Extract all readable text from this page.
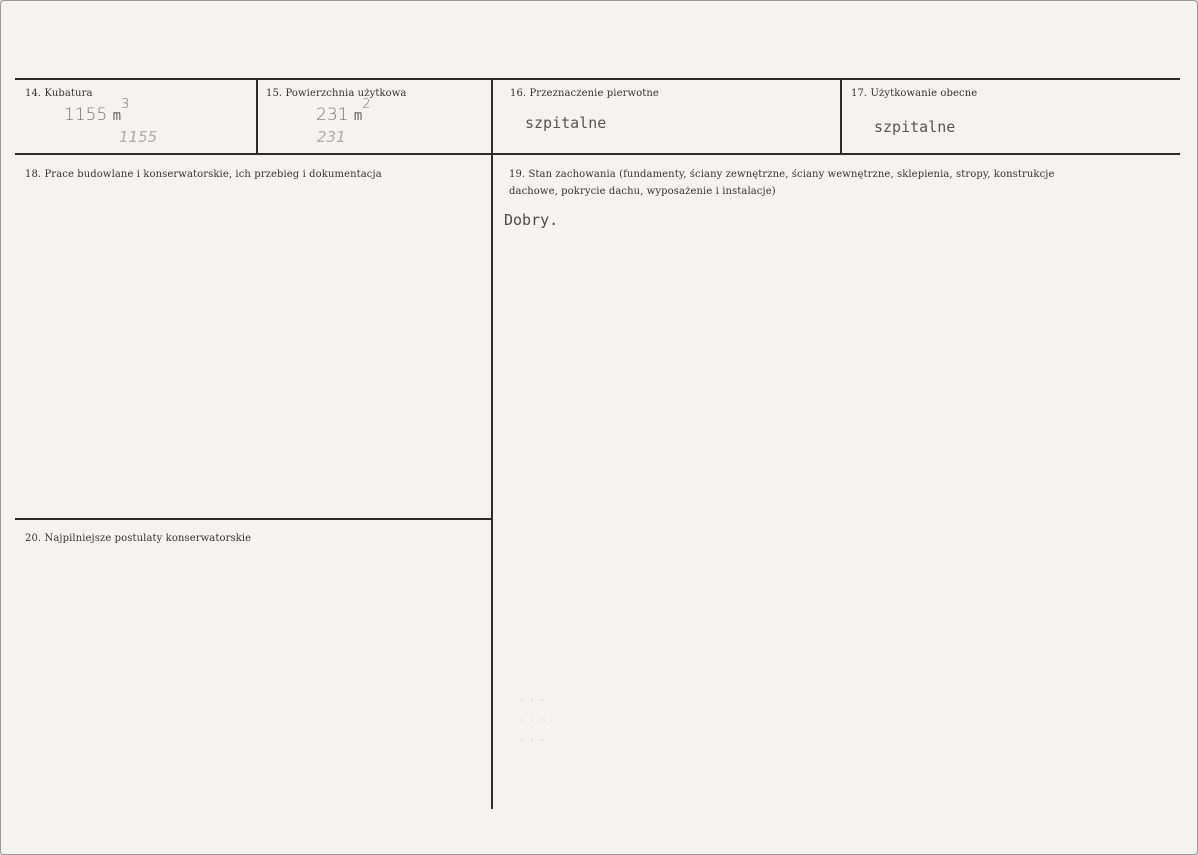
14. Kubatura
1155 $m^3$
1155
15. Powierzchnia użytkowa
231 $m^2$
231
16. Przeznaczenie pierwotne
szpitalne
17. Użytkowanie obecne
szpitalne
18. Prace budowlane i konserwatorskie, ich przebieg i dokumentacja	19. Stan zachowania (fundamenty, ściany zewnętrzne, ściany wewnętrzne, sklepienia, stropy, konstrukcje dachowe, pokrycie dachu, wyposażenie i instalacje)
Dobry.
20. Najpilniejsze postulaty konserwatorskie
· · ·
· · · ·
· · ·
